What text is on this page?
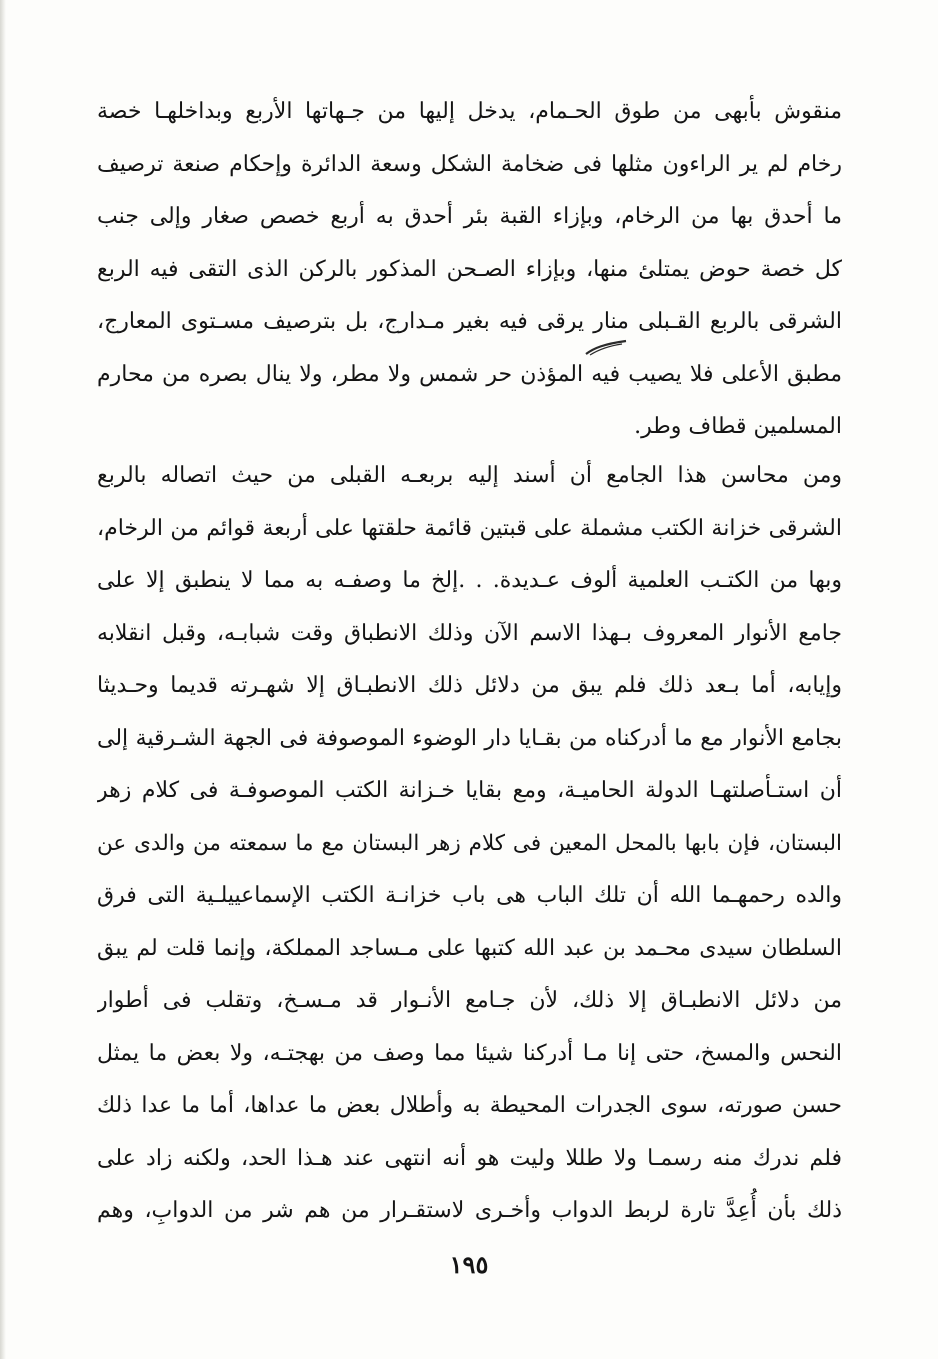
منقوش بأبهى من طوق الحـمام، يدخل إليها من جـهاتها الأربع وبداخلهـا خصة
رخام لم ير الراءون مثلها فى ضخامة الشكل وسعة الدائرة وإحكام صنعة ترصيف
ما أحدق بها من الرخام، وبإزاء القبة بئر أحدق به أربع خصص صغار وإلى جنب
كل خصة حوض يمتلئ منها، وبإزاء الصـحن المذكور بالركن الذى التقى فيه الربع
الشرقى بالربع القـبلى منار يرقى فيه بغير مـدارج، بل بترصيف مسـتوى المعارج،
مطبق الأعلى فلا يصيب فيه المؤذن حر شمس ولا مطر، ولا ينال بصره من محارم
المسلمين قطاف وطر.
ومن محاسن هذا الجامع أن أسند إليه بربعـه القبلى من حيث اتصاله بالربع
الشرقى خزانة الكتب مشملة على قبتين قائمة حلقتها على أربعة قوائم من الرخام،
وبها من الكتـب العلمية ألوف عـديدة. . .إلخ ما وصفـه به مما لا ينطبق إلا على
جامع الأنوار المعروف بـهذا الاسم الآن وذلك الانطباق وقت شبابـه، وقبل انقلابه
وإيابه، أما بـعد ذلك فلم يبق من دلائل ذلك الانطبـاق إلا شهـرته قديما وحـديثا
بجامع الأنوار مع ما أدركناه من بقـايا دار الوضوء الموصوفة فى الجهة الشـرقية إلى
أن استـأصلتهـا الدولة الحاميـة، ومع بقايا خـزانة الكتب الموصوفـة فى كلام زهر
البستان، فإن بابها بالمحل المعين فى كلام زهر البستان مع ما سمعته من والدى عن
والده رحمهـما الله أن تلك الباب هى باب خزانـة الكتب الإسماعييلـية التى فرق
السلطان سيدى محـمد بن عبد الله كتبها على مـساجد المملكة، وإنما قلت لم يبق
من دلائل الانطبـاق إلا ذلك، لأن جـامع الأنـوار قد مـسـخ، وتقلب فى أطوار
النحس والمسخ، حتى إنا مـا أدركنا شيئا مما وصف من بهجتـه، ولا بعض ما يمثل
حسن صورته، سوى الجدرات المحيطة به وأطلال بعض ما عداها، أما ما عدا ذلك
فلم ندرك منه رسمـا ولا طللا وليت هو أنه انتهى عند هـذا الحد، ولكنه زاد على
ذلك بأن أُعِدَّ تارة لربط الدواب وأخـرى لاستقـرار من هم شر من الدوابِ، وهم
١٩٥
